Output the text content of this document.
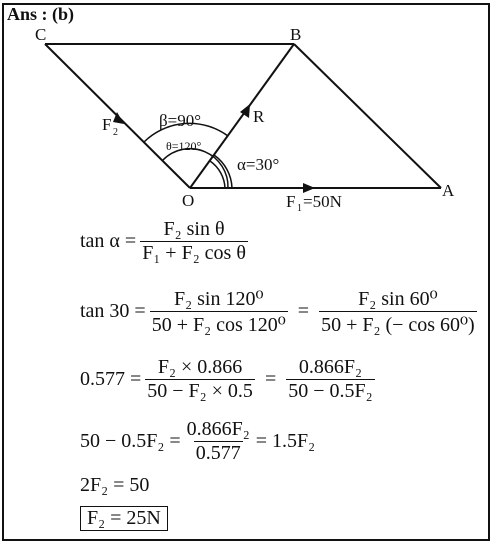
Ans : (b)
C	B
O
A
β=90°
θ=120°
α=30°
R
F 2
F 1 =50N
$\tan \alpha = \frac{\text{F₂ sin θ}}{\text{F₁ + F₂ cos θ}}$
$\tan 30 = \frac{\text{F₂ sin 120⁰}}{\text{50 + F₂ cos 120⁰}} = \frac{\text{F₂ sin 60⁰}}{\text{50 + F₂ (− cos 60⁰)}}$
$0.577 = \frac{\text{F₂ × 0.866}}{\text{50 − F₂ × 0.5}} = \frac{\text{0.866F₂}}{\text{50 − 0.5F₂}}$
$50 - 0.5F_2 = \frac{\text{0.866F₂}}{0.577} = 1.5F_2$
2F₂ = 50
F₂ = 25N
